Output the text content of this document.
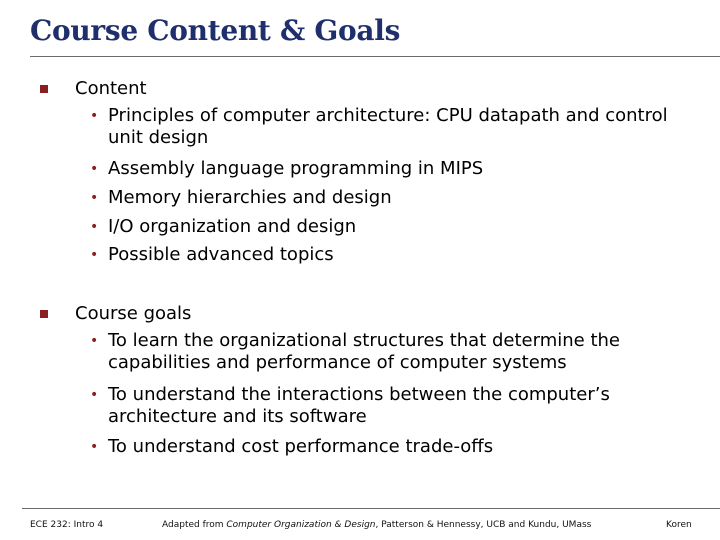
Course Content & Goals
Content
• Principles of computer architecture: CPU datapath and control unit design
• Assembly language programming in MIPS
• Memory hierarchies and design
• I/O organization and design
• Possible advanced topics
Course goals
• To learn the organizational structures that determine the capabilities and performance of computer systems
• To understand the interactions between the computer’s architecture and its software
• To understand cost performance trade-offs
ECE 232: Intro 4	Adapted from Computer Organization & Design, Patterson & Hennessy, UCB and Kundu, UMass	Koren
